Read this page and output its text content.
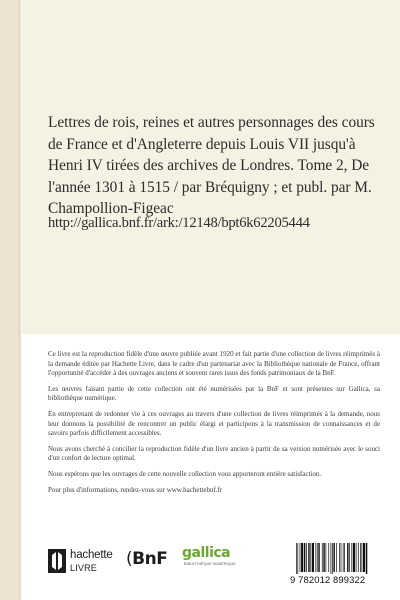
Lettres de rois, reines et autres personnages des cours de France et d'Angleterre depuis Louis VII jusqu'à Henri IV tirées des archives de Londres. Tome 2, De l'année 1301 à 1515 / par Bréquigny ; et publ. par M. Champollion-Figeac
http://gallica.bnf.fr/ark:/12148/bpt6k62205444

Ce livre est la reproduction fidèle d'une œuvre publiée avant 1920 et fait partie d'une collection de livres réimprimés à la demande éditée par Hachette Livre, dans le cadre d'un partenariat avec la Bibliothèque nationale de France, offrant l'opportunité d'accéder à des ouvrages anciens et souvent rares issus des fonds patrimoniaux de la BnF.

Les œuvres faisant partie de cette collection ont été numérisées par la BnF et sont présentes sur Gallica, sa bibliothèque numérique.

En entreprenant de redonner vie à ces ouvrages au travers d'une collection de livres réimprimés à la demande, nous leur donnons la possibilité de rencontrer un public élargi et participons à la transmission de connaissances et de savoirs parfois difficilement accessibles.

Nous avons cherché à concilier la reproduction fidèle d'un livre ancien à partir de sa version numérisée avec le souci d'un confort de lecture optimal.

Nous espérons que les ouvrages de cette nouvelle collection vous apporteront entière satisfaction.

Pour plus d'informations, rendez-vous sur www.hachettebnf.fr

hachette
LIVRE (BnF	gallica
BIBLIOTHÈQUE NUMÉRIQUE
9 782012 899322
